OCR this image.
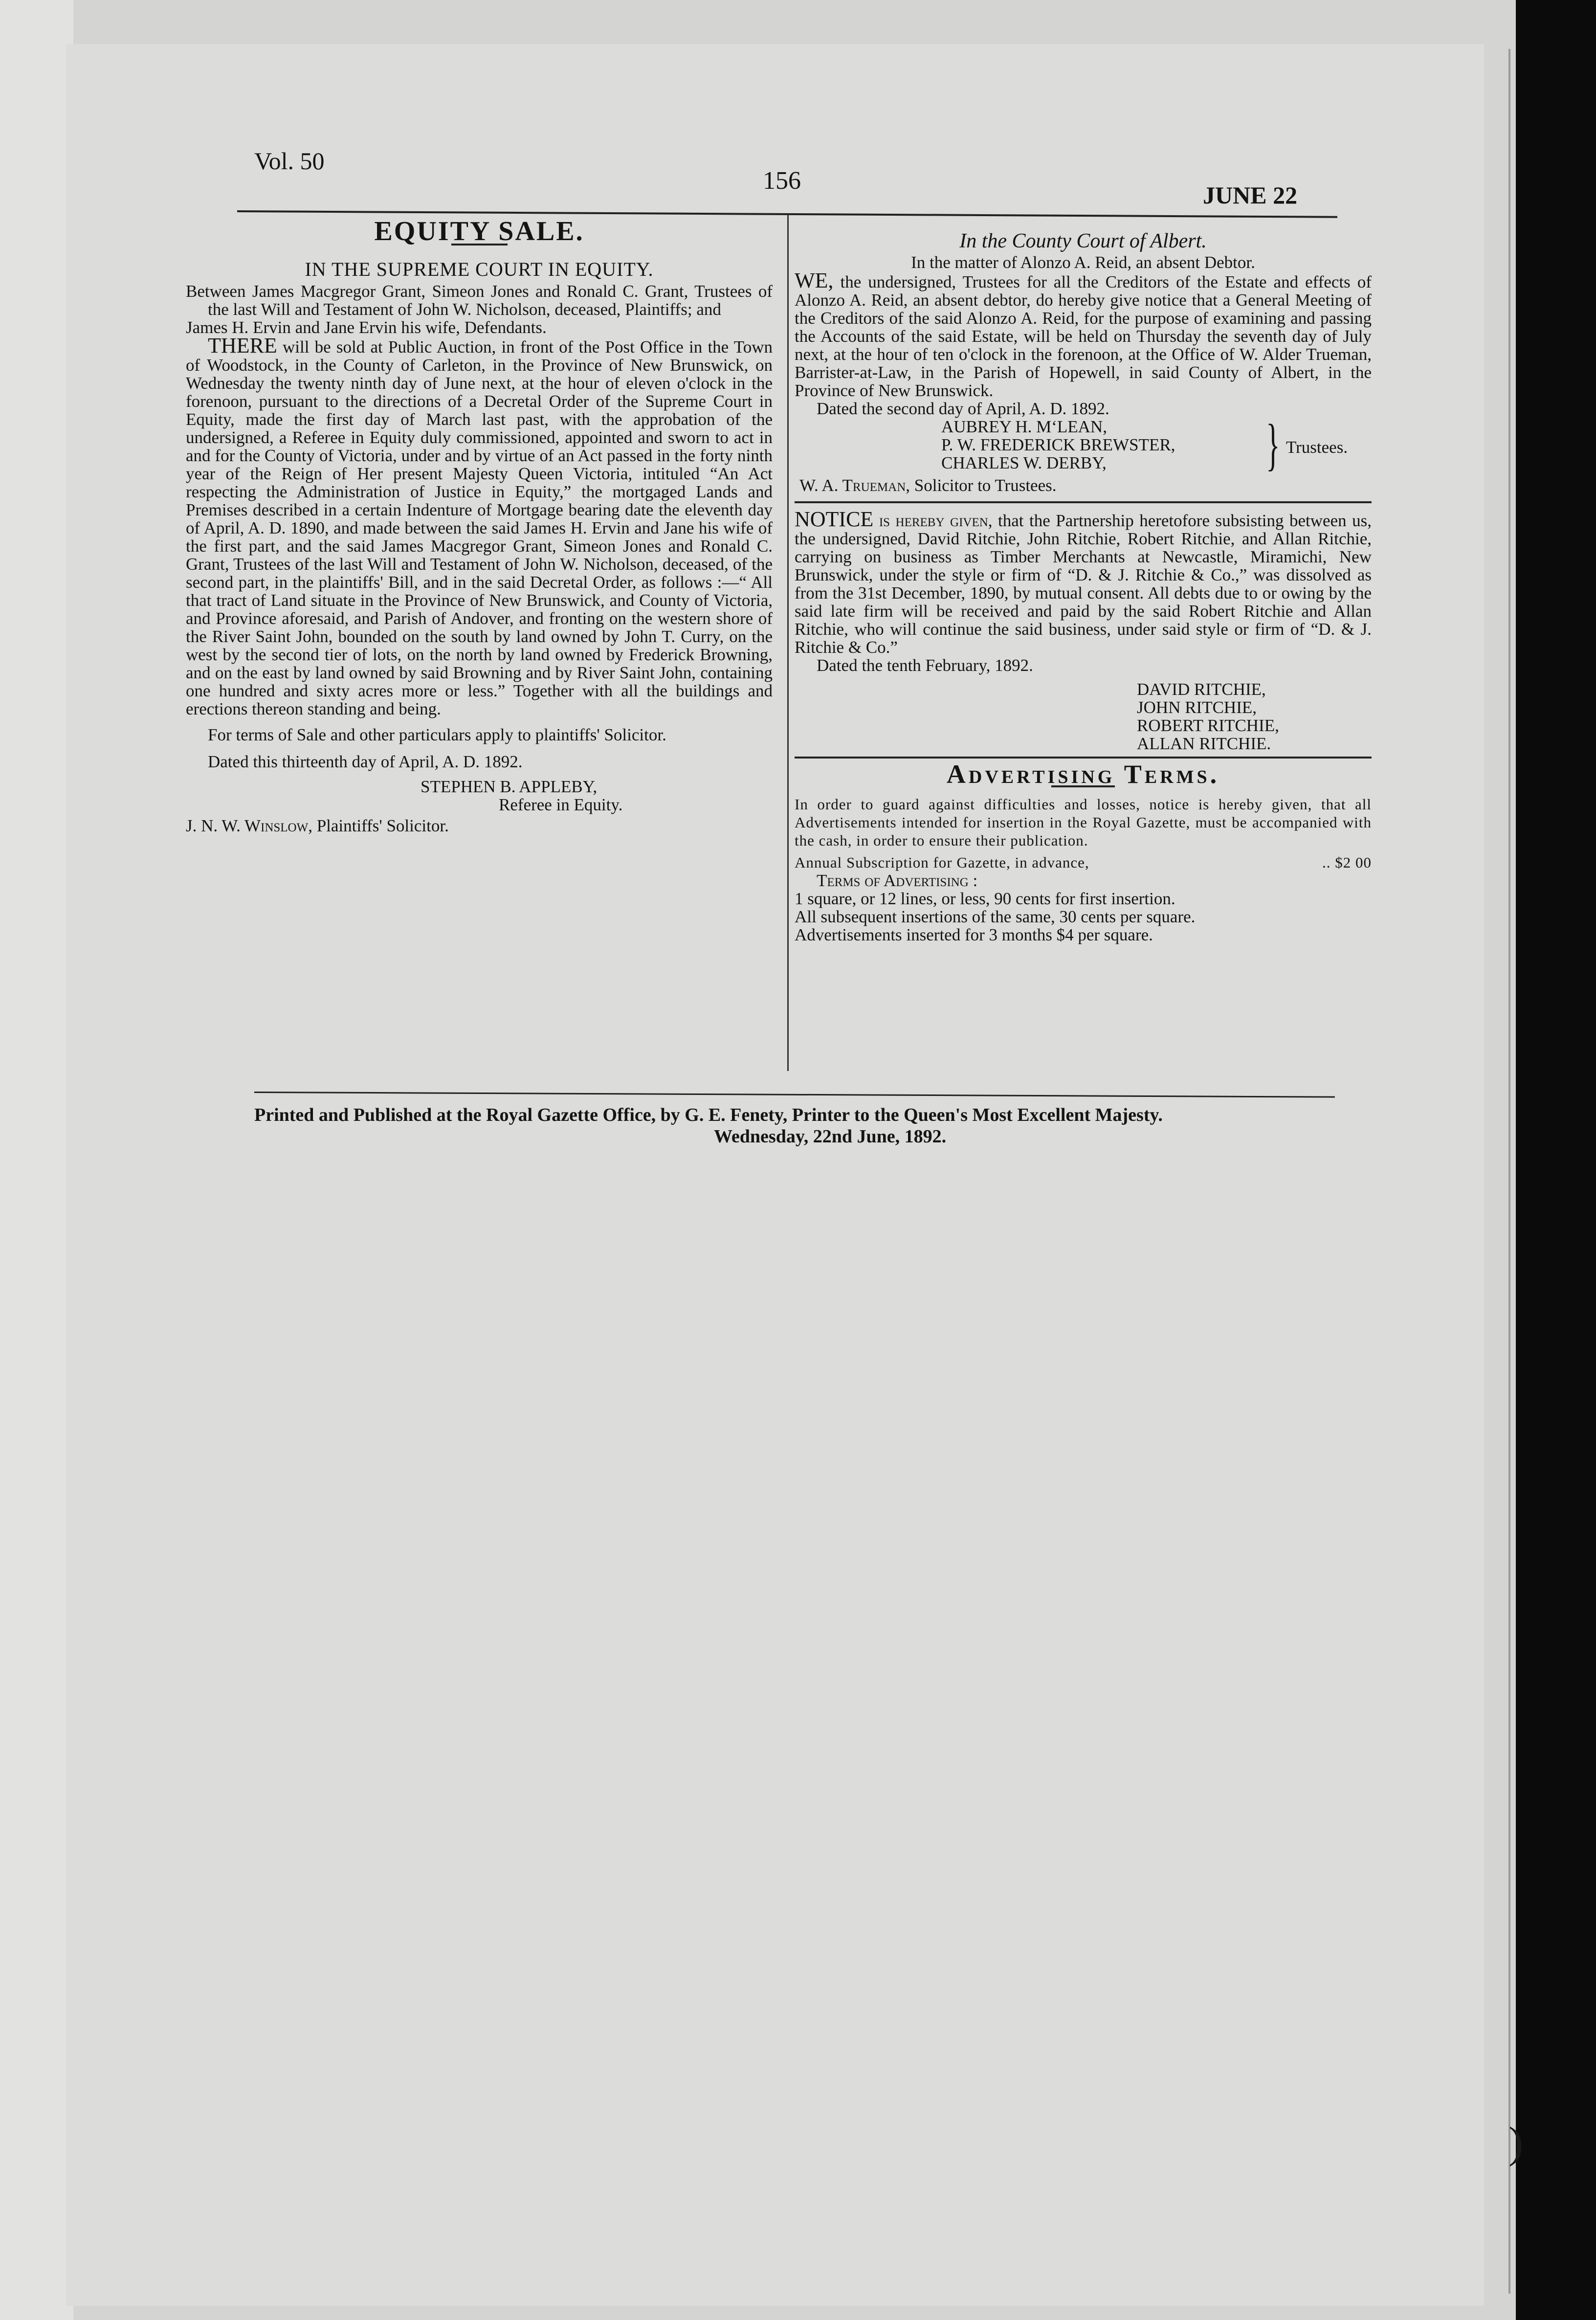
Vol. 50
156
JUNE 22
EQUITY SALE.
IN THE SUPREME COURT IN EQUITY.

Between James Macgregor Grant, Simeon Jones and Ronald C. Grant, Trustees of the last Will and Testament of John W. Nicholson, deceased, Plaintiffs; and

James H. Ervin and Jane Ervin his wife, Defendants.

THERE will be sold at Public Auction, in front of the Post Office in the Town of Woodstock, in the County of Carleton, in the Province of New Brunswick, on Wednesday the twenty ninth day of June next, at the hour of eleven o'clock in the forenoon, pursuant to the directions of a Decretal Order of the Supreme Court in Equity, made the first day of March last past, with the approbation of the undersigned, a Referee in Equity duly commissioned, appointed and sworn to act in and for the County of Victoria, under and by virtue of an Act passed in the forty ninth year of the Reign of Her present Majesty Queen Victoria, intituled “An Act respecting the Administration of Justice in Equity,” the mortgaged Lands and Premises described in a certain Indenture of Mortgage bearing date the eleventh day of April, A. D. 1890, and made between the said James H. Ervin and Jane his wife of the first part, and the said James Macgregor Grant, Simeon Jones and Ronald C. Grant, Trustees of the last Will and Testament of John W. Nicholson, deceased, of the second part, in the plaintiffs' Bill, and in the said Decretal Order, as follows :—“ All that tract of Land situate in the Province of New Brunswick, and County of Victoria, and Province aforesaid, and Parish of Andover, and fronting on the western shore of the River Saint John, bounded on the south by land owned by John T. Curry, on the west by the second tier of lots, on the north by land owned by Frederick Browning, and on the east by land owned by said Browning and by River Saint John, containing one hundred and sixty acres more or less.” Together with all the buildings and erections thereon standing and being.

For terms of Sale and other particulars apply to plaintiffs' Solicitor.

Dated this thirteenth day of April, A. D. 1892.

STEPHEN B. APPLEBY,

Referee in Equity.

J. N. W. Winslow, Plaintiffs' Solicitor.

In the County Court of Albert.

In the matter of Alonzo A. Reid, an absent Debtor.

WE, the undersigned, Trustees for all the Creditors of the Estate and effects of Alonzo A. Reid, an absent debtor, do hereby give notice that a General Meeting of the Creditors of the said Alonzo A. Reid, for the purpose of examining and passing the Accounts of the said Estate, will be held on Thursday the seventh day of July next, at the hour of ten o'clock in the forenoon, at the Office of W. Alder Trueman, Barrister-at-Law, in the Parish of Hopewell, in said County of Albert, in the Province of New Brunswick.

Dated the second day of April, A. D. 1892.

AUBREY H. M‘LEAN,
P. W. FREDERICK BREWSTER,
CHARLES W. DERBY,	} Trustees.

W. A. Trueman, Solicitor to Trustees.

NOTICE is hereby given, that the Partnership heretofore subsisting between us, the undersigned, David Ritchie, John Ritchie, Robert Ritchie, and Allan Ritchie, carrying on business as Timber Merchants at Newcastle, Miramichi, New Brunswick, under the style or firm of “D. & J. Ritchie & Co.,” was dissolved as from the 31st December, 1890, by mutual consent. All debts due to or owing by the said late firm will be received and paid by the said Robert Ritchie and Allan Ritchie, who will continue the said business, under said style or firm of “D. & J. Ritchie & Co.”

Dated the tenth February, 1892.

DAVID RITCHIE,
JOHN RITCHIE,
ROBERT RITCHIE,
ALLAN RITCHIE.
Advertising Terms.

In order to guard against difficulties and losses, notice is hereby given, that all Advertisements intended for insertion in the Royal Gazette, must be accompanied with the cash, in order to ensure their publication.

Annual Subscription for Gazette, in advance,	.. $2 00

Terms of Advertising :

1 square, or 12 lines, or less, 90 cents for first insertion.

All subsequent insertions of the same, 30 cents per square.

Advertisements inserted for 3 months $4 per square.

Printed and Published at the Royal Gazette Office, by G. E. Fenety, Printer to the Queen's Most Excellent Majesty.
Wednesday, 22nd June, 1892.
)
